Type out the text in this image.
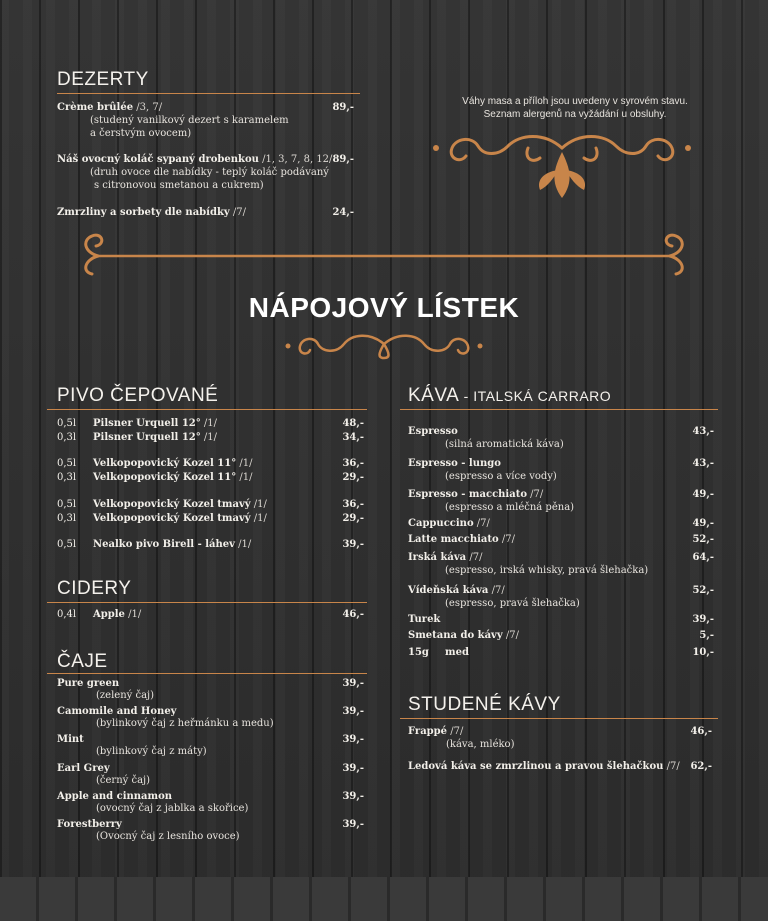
DEZERTY
Crème brûlée /3, 7/	89,-
(studený vanilkový dezert s karamelem
a čerstvým ovocem)
Náš ovocný koláč sypaný drobenkou /1, 3, 7, 8, 12/ 89,-
(druh ovoce dle nabídky - teplý koláč podávaný
s citronovou smetanou a cukrem)
Zmrzliny a sorbety dle nabídky /7/	24,-
Váhy masa a příloh jsou uvedeny v syrovém stavu.
Seznam alergenů na vyžádání u obsluhy.
NÁPOJOVÝ LÍSTEK
PIVO ČEPOVANÉ
0,5l Pilsner Urquell 12° /1/	48,-
0,3l Pilsner Urquell 12° /1/	34,-
0,5l Velkopopovický Kozel 11° /1/	36,-
0,3l Velkopopovický Kozel 11° /1/	29,-
0,5l Velkopopovický Kozel tmavý /1/	36,-
0,3l Velkopopovický Kozel tmavý /1/	29,-
0,5l Nealko pivo Birell - láhev /1/	39,-
CIDERY
0,4l Apple /1/	46,-
ČAJE
Pure green	39,-
(zelený čaj)
Camomile and Honey	39,-
(bylinkový čaj z heřmánku a medu)
Mint	39,-
(bylinkový čaj z máty)
Earl Grey	39,-
(černý čaj)
Apple and cinnamon	39,-
(ovocný čaj z jablka a skořice)
Forestberry	39,-
(Ovocný čaj z lesního ovoce)
KÁVA - ITALSKÁ CARRARO
Espresso	43,-
(silná aromatická káva)
Espresso - lungo	43,-
(espresso a více vody)
Espresso - macchiato /7/	49,-
(espresso a mléčná pěna)
Cappuccino /7/	49,-
Latte macchiato /7/	52,-
Irská káva /7/	64,-
(espresso, irská whisky, pravá šlehačka)
Vídeňská káva /7/	52,-
(espresso, pravá šlehačka)
Turek	39,-
Smetana do kávy /7/	5,-
15g med	10,-
STUDENÉ KÁVY
Frappé /7/	46,-
(káva, mléko)
Ledová káva se zmrzlinou a pravou šlehačkou /7/	62,-
